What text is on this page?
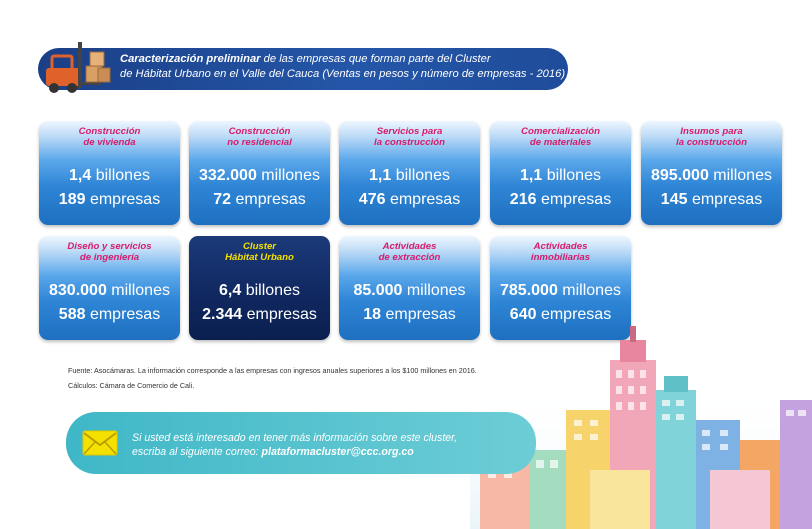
Caracterización preliminar de las empresas que forman parte del Cluster
de Hábitat Urbano en el Valle del Cauca (Ventas en pesos y número de empresas - 2016)
Construcción
de vivienda
1,4 billones
189 empresas
Construcción
no residencial
332.000 millones
72 empresas
Servicios para
la construcción
1,1 billones
476 empresas
Comercialización
de materiales
1,1 billones
216 empresas
Insumos para
la construcción
895.000 millones
145 empresas
Diseño y servicios
de ingeniería
830.000 millones
588 empresas
Cluster
Hábitat Urbano
6,4 billones
2.344 empresas
Actividades
de extracción
85.000 millones
18 empresas
Actividades
inmobiliarias
785.000 millones
640 empresas
Fuente: Asocámaras. La información corresponde a las empresas con ingresos anuales superiores a los $100 millones en 2016.
Cálculos: Cámara de Comercio de Cali.
Si usted está interesado en tener más información sobre este cluster,
escriba al siguiente correo: plataformacluster@ccc.org.co
